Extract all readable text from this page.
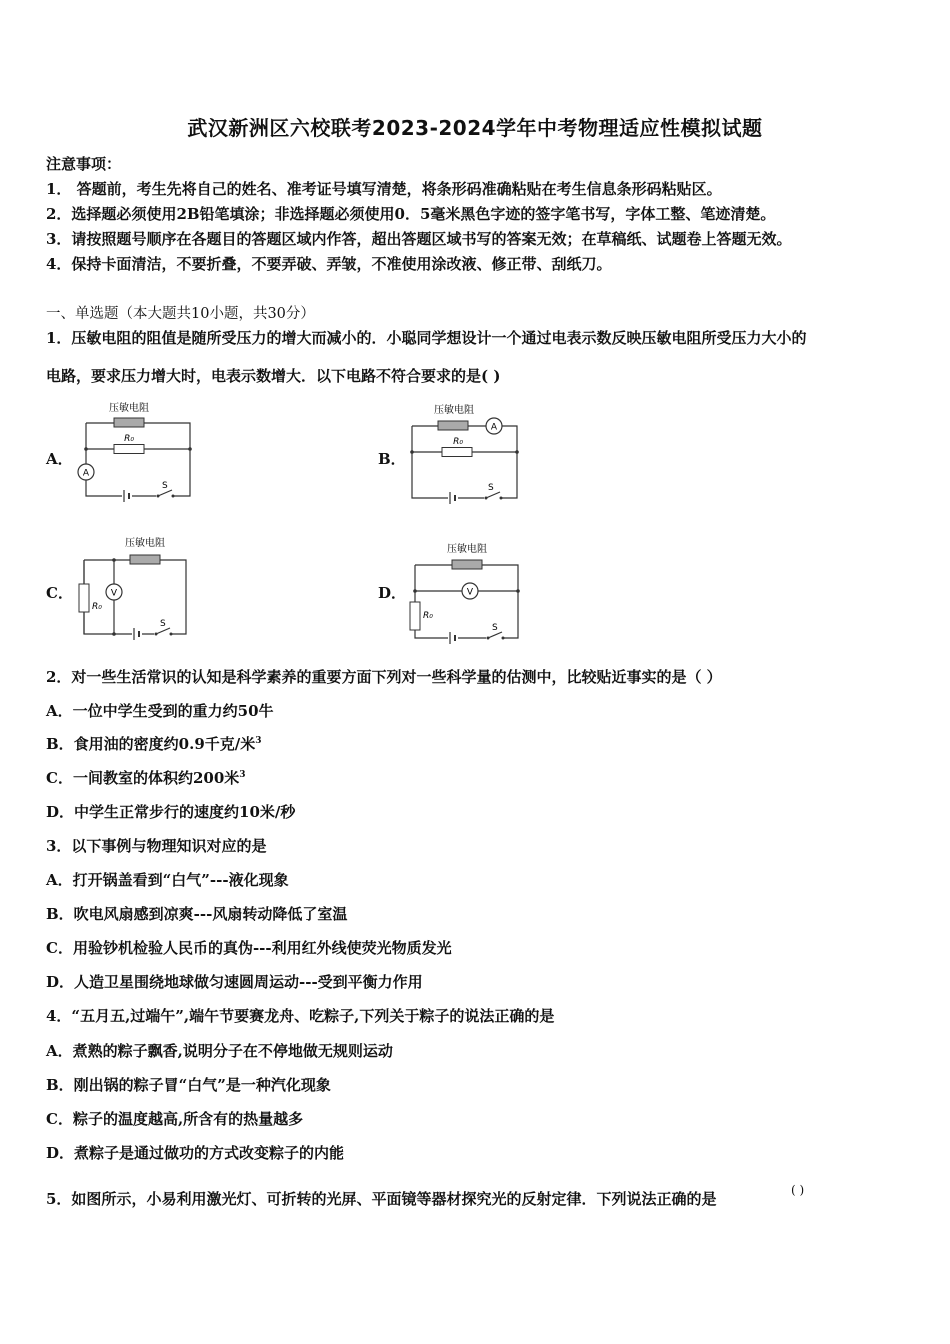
武汉新洲区六校联考2023-2024学年中考物理适应性模拟试题
注意事项：
1． 答题前，考生先将自己的姓名、准考证号填写清楚，将条形码准确粘贴在考生信息条形码粘贴区。
2．选择题必须使用2B铅笔填涂；非选择题必须使用0．5毫米黑色字迹的签字笔书写，字体工整、笔迹清楚。
3．请按照题号顺序在各题目的答题区域内作答，超出答题区域书写的答案无效；在草稿纸、试题卷上答题无效。
4．保持卡面清洁，不要折叠，不要弄破、弄皱，不准使用涂改液、修正带、刮纸刀。
一、单选题（本大题共10小题，共30分）
1．压敏电阻的阻值是随所受压力的增大而减小的．小聪同学想设计一个通过电表示数反映压敏电阻所受压力大小的
电路，要求压力增大时，电表示数增大．以下电路不符合要求的是( )
A．	B．
C．	D．
压敏电阻
R₀
A
S
压敏电阻
A
R₀
S
压敏电阻
R₀
V
S
压敏电阻
V
R₀
S
2．对一些生活常识的认知是科学素养的重要方面下列对一些科学量的估测中，比较贴近事实的是（ ）
A．一位中学生受到的重力约50牛
B．食用油的密度约0.9千克/米$^3$
C．一间教室的体积约200米$^3$
D．中学生正常步行的速度约10米/秒
3．以下事例与物理知识对应的是
A．打开锅盖看到“白气”---液化现象
B．吹电风扇感到凉爽---风扇转动降低了室温
C．用验钞机检验人民币的真伪---利用红外线使荧光物质发光
D．人造卫星围绕地球做匀速圆周运动---受到平衡力作用
4．“五月五,过端午”,端午节要赛龙舟、吃粽子,下列关于粽子的说法正确的是
A．煮熟的粽子飘香,说明分子在不停地做无规则运动
B．刚出锅的粽子冒“白气”是一种汽化现象
C．粽子的温度越高,所含有的热量越多
D．煮粽子是通过做功的方式改变粽子的内能
5．如图所示，小易利用激光灯、可折转的光屏、平面镜等器材探究光的反射定律．下列说法正确的是	( )
